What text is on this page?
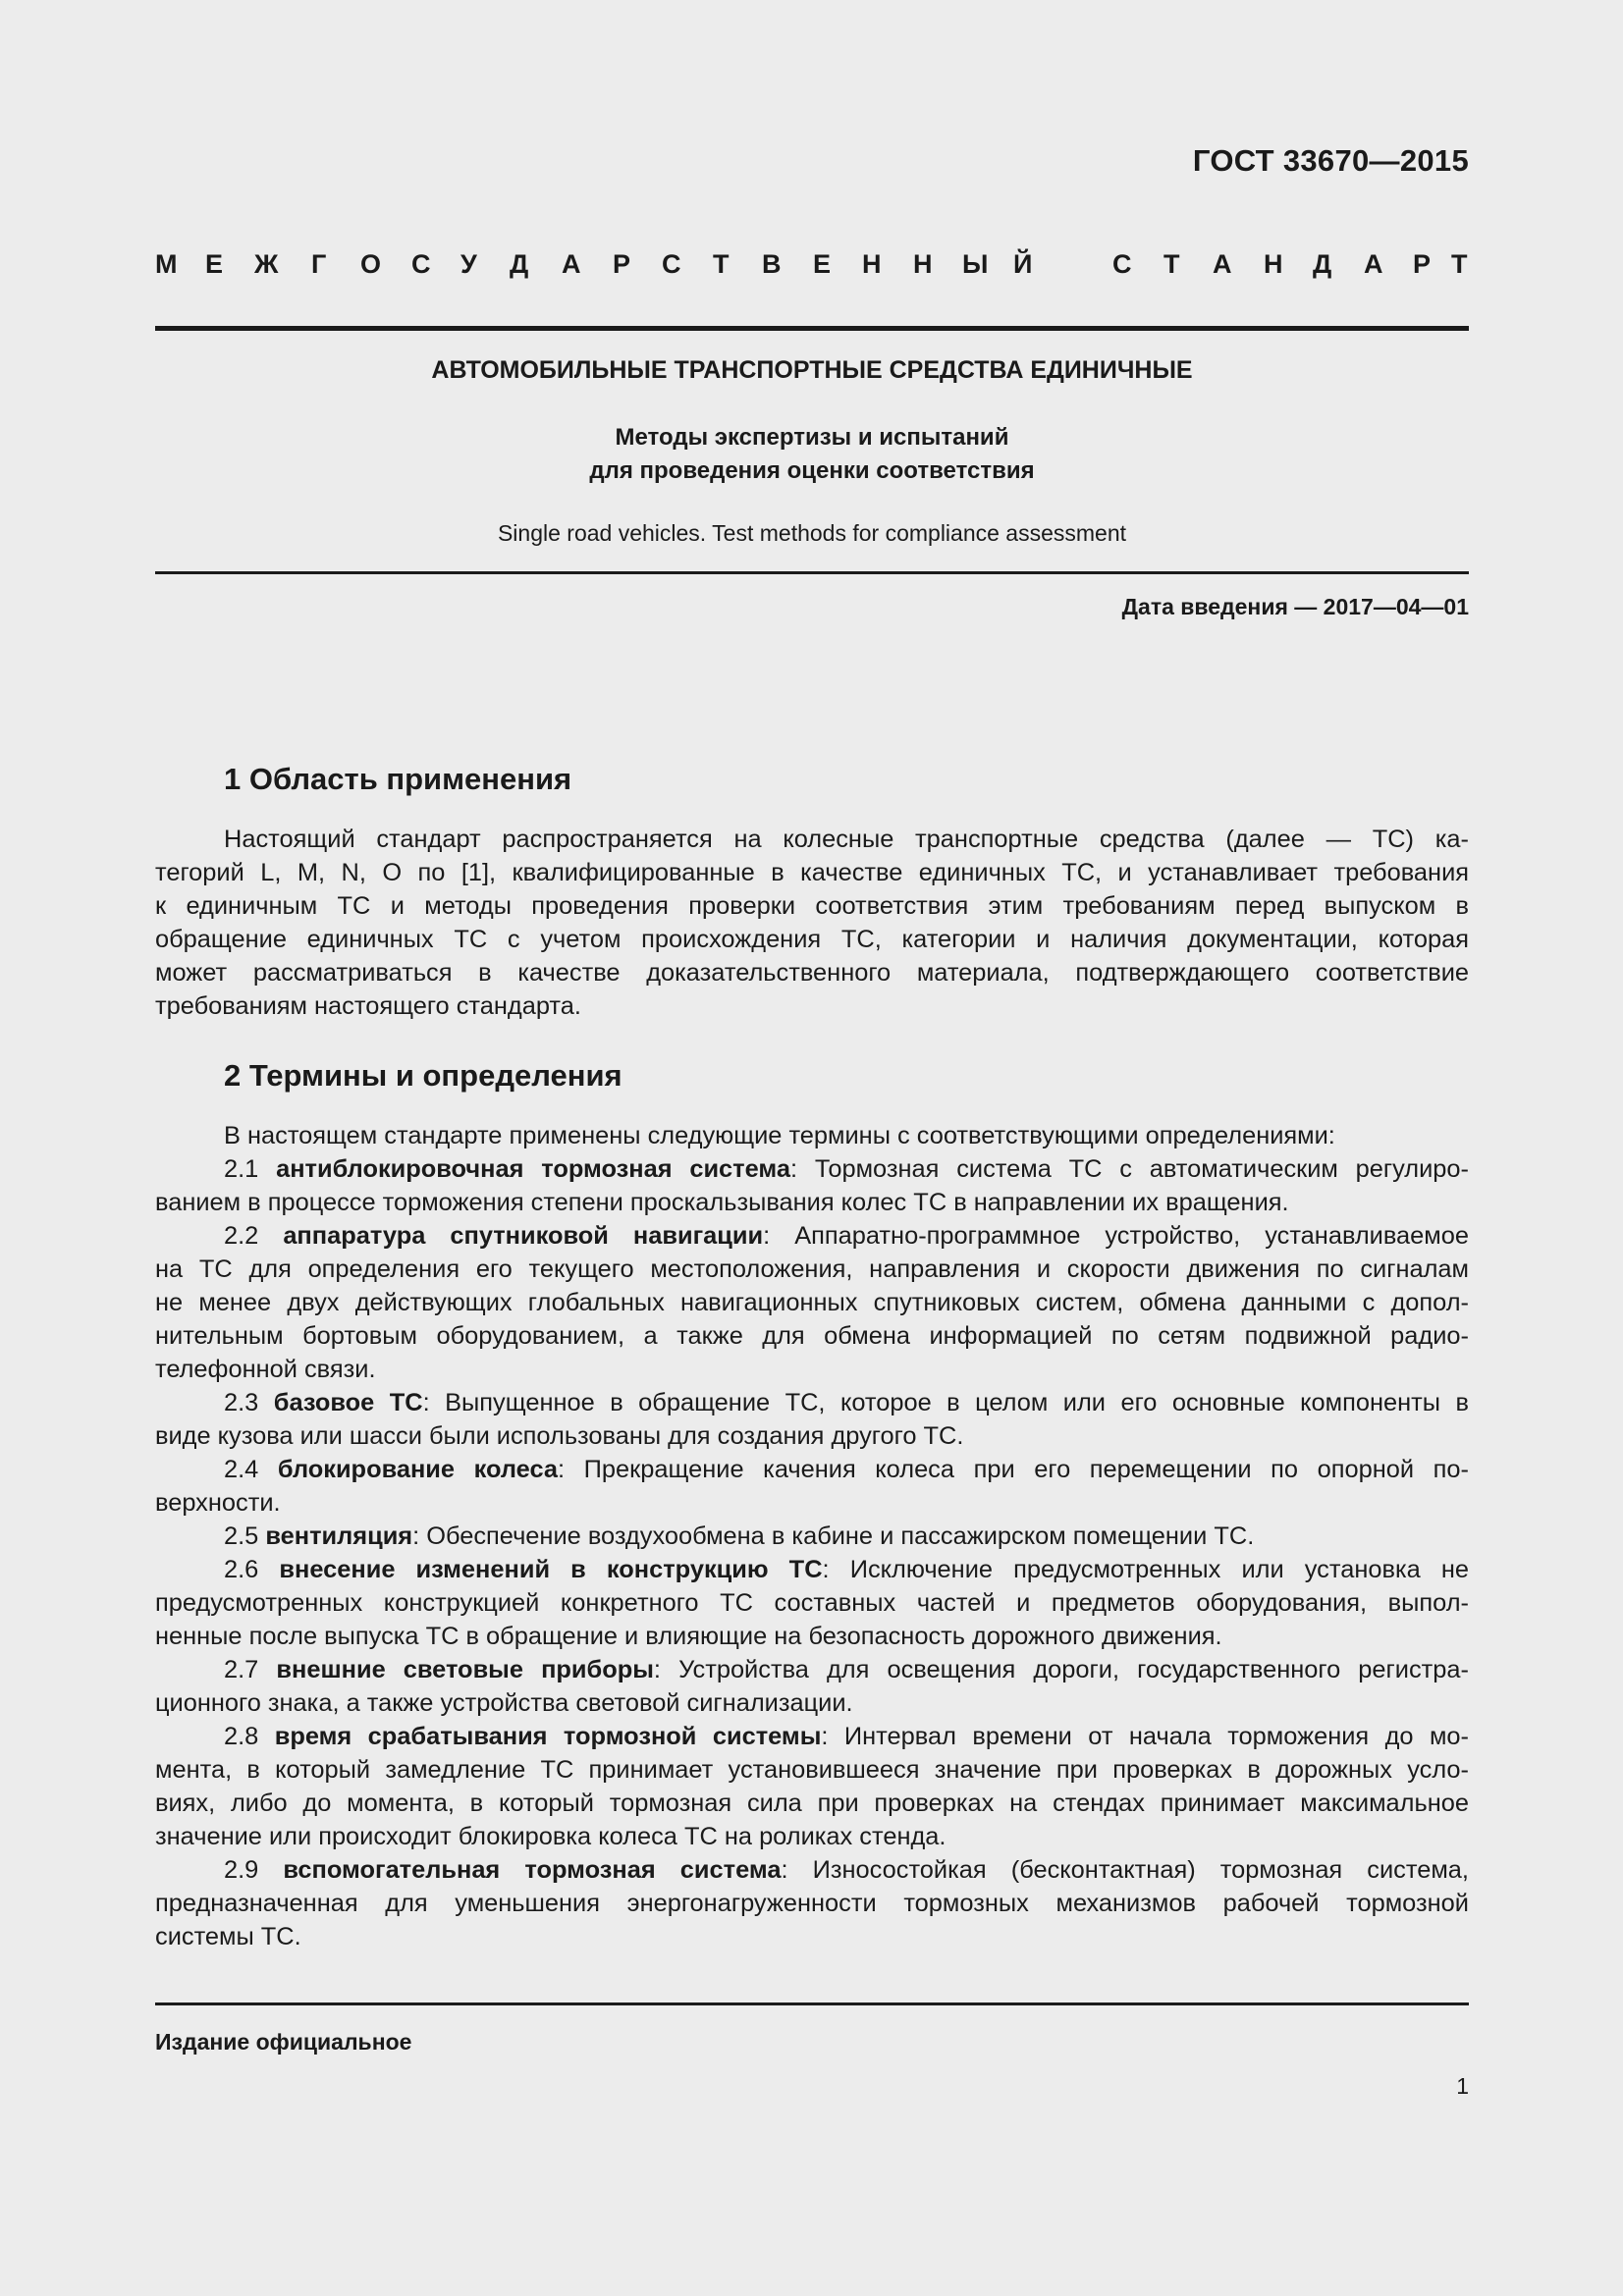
ГОСТ 33670—2015
М Е Ж Г О С У Д А Р С Т В Е Н Н Ы Й	С Т А Н Д А Р Т
АВТОМОБИЛЬНЫЕ ТРАНСПОРТНЫЕ СРЕДСТВА ЕДИНИЧНЫЕ
Методы экспертизы и испытаний
для проведения оценки соответствия
Single road vehicles. Test methods for compliance assessment
Дата введения — 2017—04—01
1 Область применения
Настоящий стандарт распространяется на колесные транспортные средства (далее — ТС) ка-
тегорий L, M, N, O по [1], квалифицированные в качестве единичных ТС, и устанавливает требования
к единичным ТС и методы проведения проверки соответствия этим требованиям перед выпуском в
обращение единичных ТС с учетом происхождения ТС, категории и наличия документации, которая
может рассматриваться в качестве доказательственного материала, подтверждающего соответствие
требованиям настоящего стандарта.
2 Термины и определения
В настоящем стандарте применены следующие термины с соответствующими определениями:
2.1 антиблокировочная тормозная система: Тормозная система ТС с автоматическим регулиро-
ванием в процессе торможения степени проскальзывания колес ТС в направлении их вращения.
2.2 аппаратура спутниковой навигации: Аппаратно-программное устройство, устанавливаемое
на ТС для определения его текущего местоположения, направления и скорости движения по сигналам
не менее двух действующих глобальных навигационных спутниковых систем, обмена данными с допол-
нительным бортовым оборудованием, а также для обмена информацией по сетям подвижной радио-
телефонной связи.
2.3 базовое ТС: Выпущенное в обращение ТС, которое в целом или его основные компоненты в
виде кузова или шасси были использованы для создания другого ТС.
2.4 блокирование колеса: Прекращение качения колеса при его перемещении по опорной по-
верхности.
2.5 вентиляция: Обеспечение воздухообмена в кабине и пассажирском помещении ТС.
2.6 внесение изменений в конструкцию ТС: Исключение предусмотренных или установка не
предусмотренных конструкцией конкретного ТС составных частей и предметов оборудования, выпол-
ненные после выпуска ТС в обращение и влияющие на безопасность дорожного движения.
2.7 внешние световые приборы: Устройства для освещения дороги, государственного регистра-
ционного знака, а также устройства световой сигнализации.
2.8 время срабатывания тормозной системы: Интервал времени от начала торможения до мо-
мента, в который замедление ТС принимает установившееся значение при проверках в дорожных усло-
виях, либо до момента, в который тормозная сила при проверках на стендах принимает максимальное
значение или происходит блокировка колеса ТС на роликах стенда.
2.9 вспомогательная тормозная система: Износостойкая (бесконтактная) тормозная система,
предназначенная для уменьшения энергонагруженности тормозных механизмов рабочей тормозной
системы ТС.
Издание официальное
1
